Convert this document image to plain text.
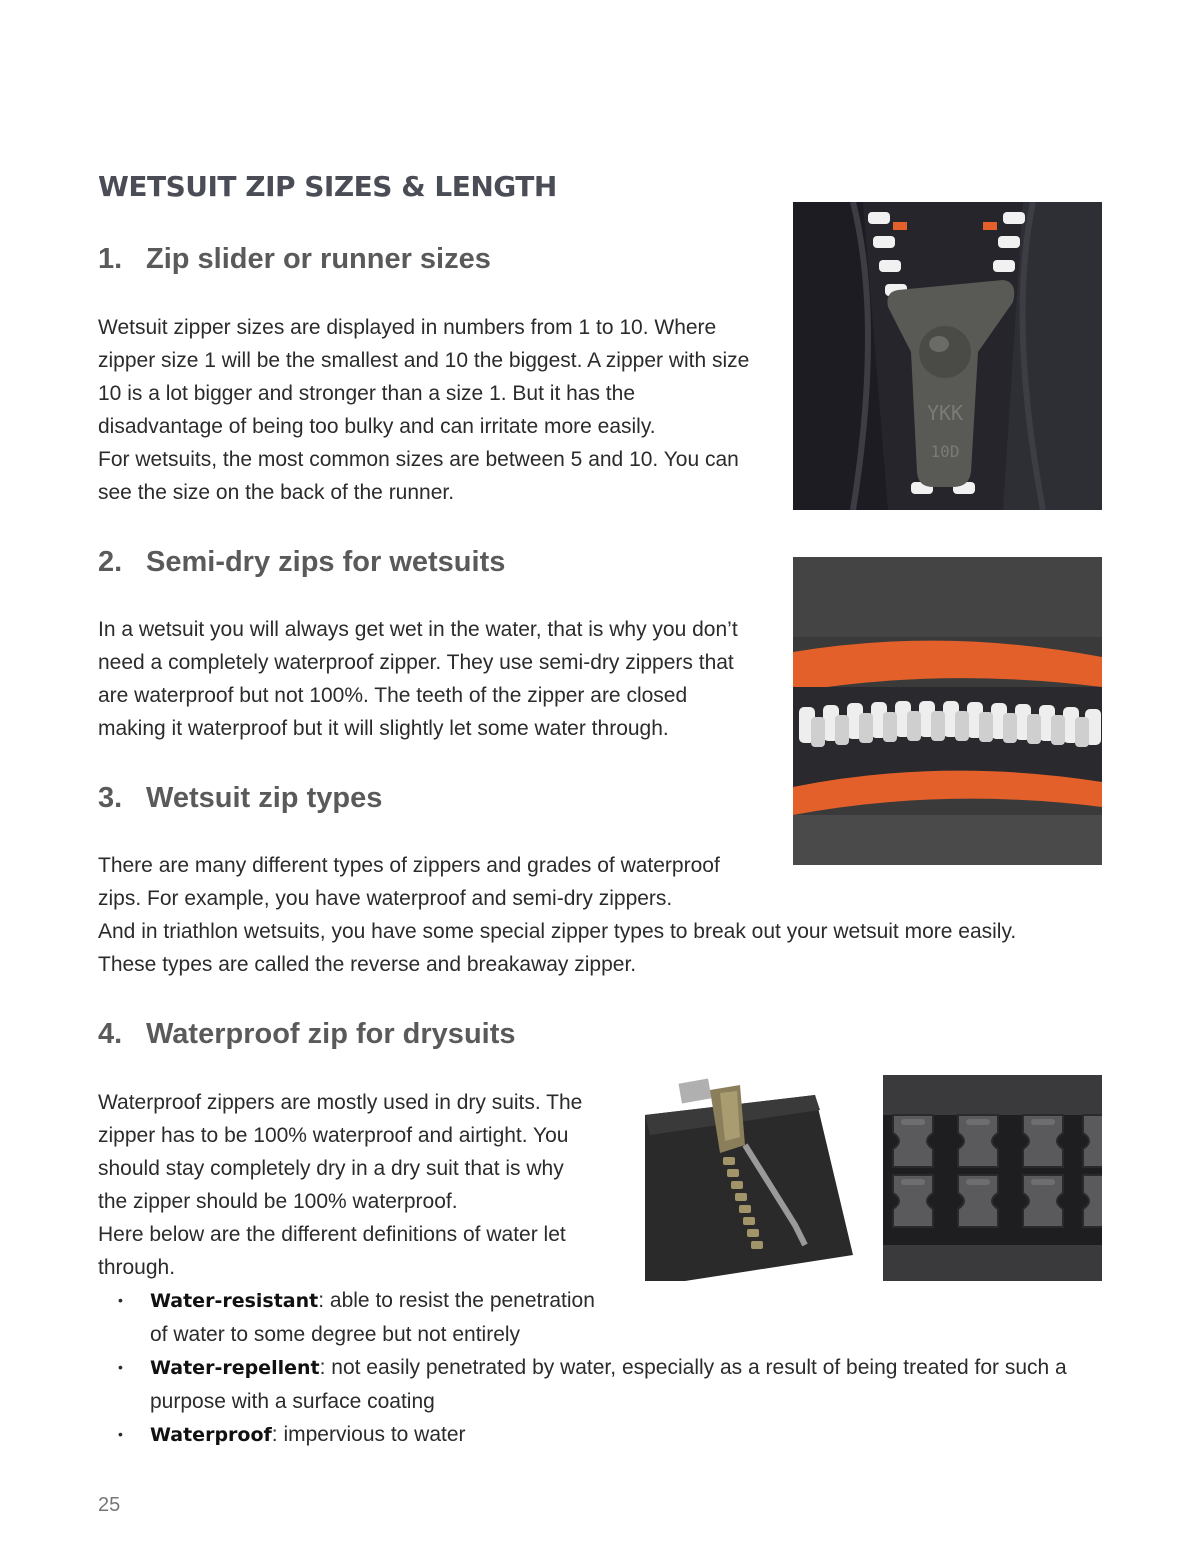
WETSUIT ZIP SIZES & LENGTH
1. Zip slider or runner sizes
Wetsuit zipper sizes are displayed in numbers from 1 to 10. Where
zipper size 1 will be the smallest and 10 the biggest. A zipper with size
10 is a lot bigger and stronger than a size 1. But it has the
disadvantage of being too bulky and can irritate more easily.
For wetsuits, the most common sizes are between 5 and 10. You can
see the size on the back of the runner.
YKK
10D
2. Semi-dry zips for wetsuits
In a wetsuit you will always get wet in the water, that is why you don’t
need a completely waterproof zipper. They use semi-dry zippers that
are waterproof but not 100%. The teeth of the zipper are closed
making it waterproof but it will slightly let some water through.
3. Wetsuit zip types
There are many different types of zippers and grades of waterproof
zips. For example, you have waterproof and semi-dry zippers.
And in triathlon wetsuits, you have some special zipper types to break out your wetsuit more easily.
These types are called the reverse and breakaway zipper.
4. Waterproof zip for drysuits
Waterproof zippers are mostly used in dry suits. The
zipper has to be 100% waterproof and airtight. You
should stay completely dry in a dry suit that is why
the zipper should be 100% waterproof.
Here below are the different definitions of water let
through.
• Water-resistant: able to resist the penetration
of water to some degree but not entirely
• Water-repellent: not easily penetrated by water, especially as a result of being treated for such a
purpose with a surface coating
• Waterproof: impervious to water
25
